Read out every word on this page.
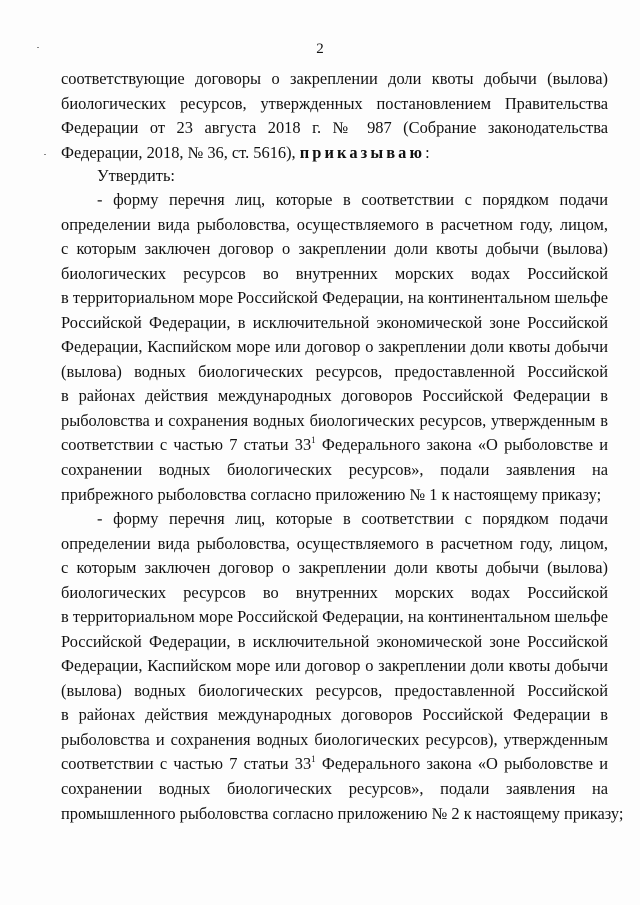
2
соответствующие договоры о закреплении доли квоты добычи (вылова)
биологических ресурсов, утвержденных постановлением Правительства
Федерации от 23 августа 2018 г. № 987 (Собрание законодательства
Федерации, 2018, № 36, ст. 5616), приказываю:
Утвердить:
- форму перечня лиц, которые в соответствии с порядком подачи
определении вида рыболовства, осуществляемого в расчетном году, лицом,
с которым заключен договор о закреплении доли квоты добычи (вылова)
биологических ресурсов во внутренних морских водах Российской
в территориальном море Российской Федерации, на континентальном шельфе
Российской Федерации, в исключительной экономической зоне Российской
Федерации, Каспийском море или договор о закреплении доли квоты добычи
(вылова) водных биологических ресурсов, предоставленной Российской
в районах действия международных договоров Российской Федерации в
рыболовства и сохранения водных биологических ресурсов, утвержденным в
соответствии с частью 7 статьи $33^1$ Федерального закона «О рыболовстве и
сохранении водных биологических ресурсов», подали заявления на
прибрежного рыболовства согласно приложению № 1 к настоящему приказу;
- форму перечня лиц, которые в соответствии с порядком подачи
определении вида рыболовства, осуществляемого в расчетном году, лицом,
с которым заключен договор о закреплении доли квоты добычи (вылова)
биологических ресурсов во внутренних морских водах Российской
в территориальном море Российской Федерации, на континентальном шельфе
Российской Федерации, в исключительной экономической зоне Российской
Федерации, Каспийском море или договор о закреплении доли квоты добычи
(вылова) водных биологических ресурсов, предоставленной Российской
в районах действия международных договоров Российской Федерации в
рыболовства и сохранения водных биологических ресурсов), утвержденным
соответствии с частью 7 статьи $33^1$ Федерального закона «О рыболовстве и
сохранении водных биологических ресурсов», подали заявления на
промышленного рыболовства согласно приложению № 2 к настоящему приказу;
